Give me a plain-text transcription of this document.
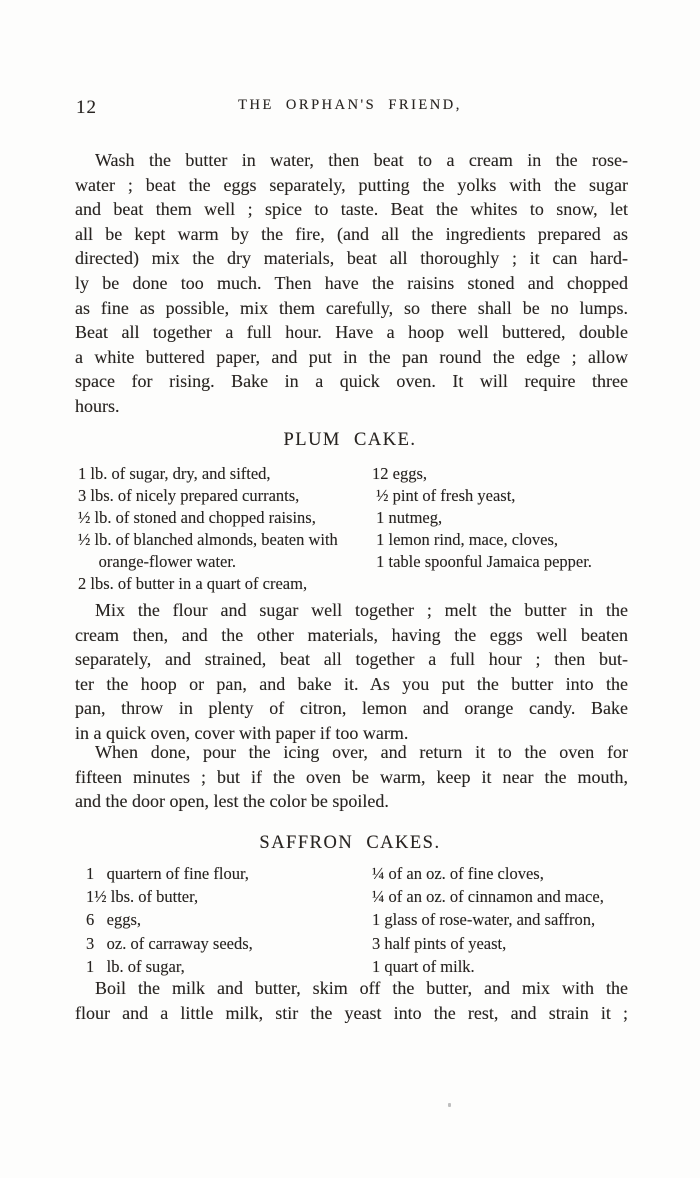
12	THE ORPHAN'S FRIEND,
Wash the butter in water, then beat to a cream in the rose-
water ; beat the eggs separately, putting the yolks with the sugar
and beat them well ; spice to taste. Beat the whites to snow, let
all be kept warm by the fire, (and all the ingredients prepared as
directed) mix the dry materials, beat all thoroughly ; it can hard-
ly be done too much. Then have the raisins stoned and chopped
as fine as possible, mix them carefully, so there shall be no lumps.
Beat all together a full hour. Have a hoop well buttered, double
a white buttered paper, and put in the pan round the edge ; allow
space for rising. Bake in a quick oven. It will require three
hours.
PLUM CAKE.
1 lb. of sugar, dry, and sifted,
3 lbs. of nicely prepared currants,
½ lb. of stoned and chopped raisins,
½ lb. of blanched almonds, beaten with
orange-flower water.
2 lbs. of butter in a quart of cream,
12 eggs,
½ pint of fresh yeast,
1 nutmeg,
1 lemon rind, mace, cloves,
1 table spoonful Jamaica pepper.
Mix the flour and sugar well together ; melt the butter in the
cream then, and the other materials, having the eggs well beaten
separately, and strained, beat all together a full hour ; then but-
ter the hoop or pan, and bake it. As you put the butter into the
pan, throw in plenty of citron, lemon and orange candy. Bake
in a quick oven, cover with paper if too warm.
When done, pour the icing over, and return it to the oven for
fifteen minutes ; but if the oven be warm, keep it near the mouth,
and the door open, lest the color be spoiled.
SAFFRON CAKES.
1   quartern of fine flour,
1½ lbs. of butter,
6   eggs,
3   oz. of carraway seeds,
1   lb. of sugar,
¼ of an oz. of fine cloves,
¼ of an oz. of cinnamon and mace,
1 glass of rose-water, and saffron,
3 half pints of yeast,
1 quart of milk.
Boil the milk and butter, skim off the butter, and mix with the
flour and a little milk, stir the yeast into the rest, and strain it ;
